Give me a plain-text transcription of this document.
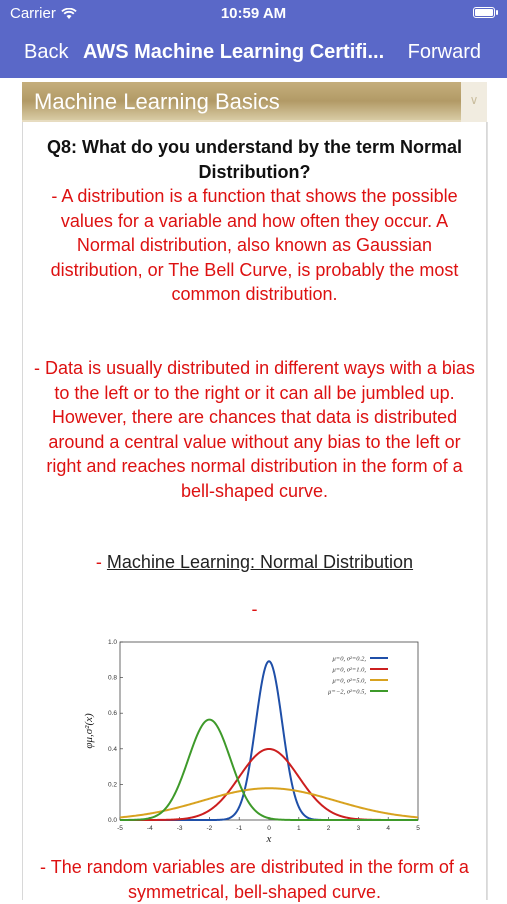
Carrier	10:59 AM
Back AWS Machine Learning Certifi...	Forward
Machine Learning Basics	∨
Q8: What do you understand by the term Normal Distribution?
- A distribution is a function that shows the possible values for a variable and how often they occur. A Normal distribution, also known as Gaussian distribution, or The Bell Curve, is probably the most common distribution.
- Data is usually distributed in different ways with a bias to the left or to the right or it can all be jumbled up. However, there are chances that data is distributed around a central value without any bias to the left or right and reaches normal distribution in the form of a bell-shaped curve.
- Machine Learning: Normal Distribution
-
-5	-4	-3	-2	-1	0	1	2	3	4	5
0.0
0.2
0.4
0.6
0.8
1.0
x
φμ,σ²(x)
μ=0, σ²=0.2,
μ=0, σ²=1.0,
μ=0, σ²=5.0,
μ=−2, σ²=0.5,
- The random variables are distributed in the form of a symmetrical, bell-shaped curve.
